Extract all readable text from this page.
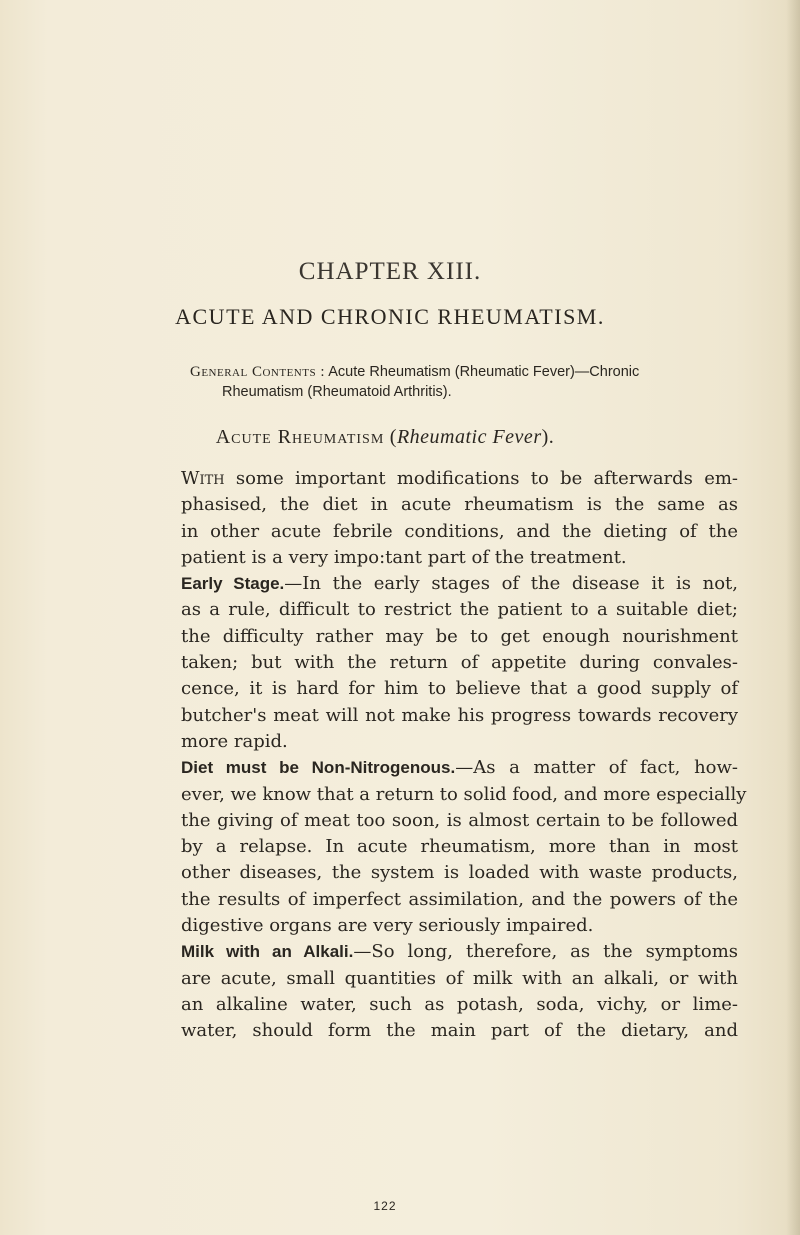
CHAPTER XIII.
ACUTE AND CHRONIC RHEUMATISM.
General Contents : Acute Rheumatism (Rheumatic Fever)—Chronic
Rheumatism (Rheumatoid Arthritis).
Acute Rheumatism (Rheumatic Fever).

With some important modifications to be afterwards em-
phasised, the diet in acute rheumatism is the same as
in other acute febrile conditions, and the dieting of the
patient is a very impo:tant part of the treatment.

Early Stage.—In the early stages of the disease it is not,
as a rule, difficult to restrict the patient to a suitable diet;
the difficulty rather may be to get enough nourishment
taken; but with the return of appetite during convales-
cence, it is hard for him to believe that a good supply of
butcher's meat will not make his progress towards recovery
more rapid.

Diet must be Non-Nitrogenous.—As a matter of fact, how-
ever, we know that a return to solid food, and more especially
the giving of meat too soon, is almost certain to be followed
by a relapse. In acute rheumatism, more than in most
other diseases, the system is loaded with waste products,
the results of imperfect assimilation, and the powers of the
digestive organs are very seriously impaired.

Milk with an Alkali.—So long, therefore, as the symptoms
are acute, small quantities of milk with an alkali, or with
an alkaline water, such as potash, soda, vichy, or lime-
water, should form the main part of the dietary, and

122
